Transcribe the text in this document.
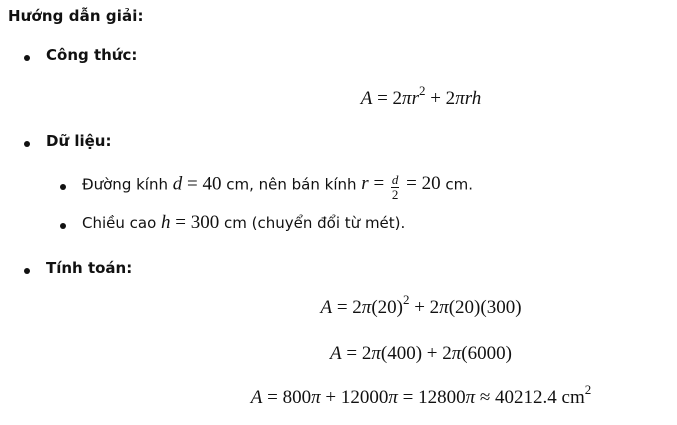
Hướng dẫn giải:
Công thức:
$A = 2\pi r^2 + 2\pi rh$
Dữ liệu:
Đường kính d = 40 cm, nên bán kính $r = \frac{d}{2} = 20$ cm.
Chiều cao h = 300 cm (chuyển đổi từ mét).
Tính toán:
$A = 2\pi(20)^2 + 2\pi(20)(300)$
A = 2π(400) + 2π(6000)
A = 800π + 12000π = 12800π ≈ 40212.4 $cm^2$
